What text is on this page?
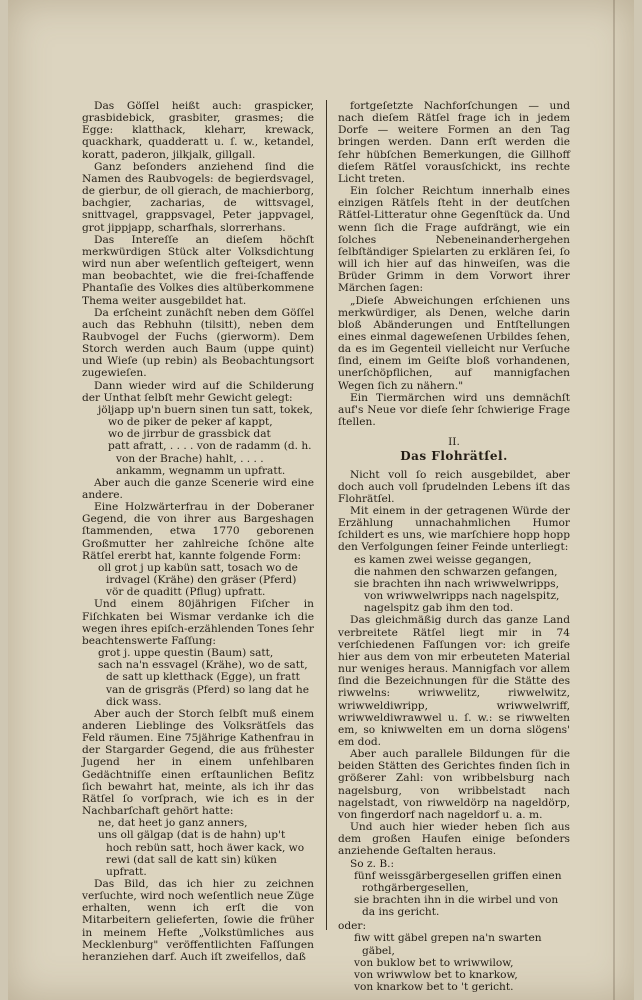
Das Göſſel heißt auch: graspicker, grasbidebick, grasbiter, grasmes; die Egge: klatthack, kleharr, krewack, quackhark, quadderatt u. ſ. w., ketandel, koratt, paderon, jilkjalk, gillgall.

Ganz beſonders anziehend ſind die Namen des Raubvogels: de begierdsvagel, de gierbur, de oll gierach, de machierborg, bachgier, zacharias, de wittsvagel, snittvagel, grappsvagel, Peter jappvagel, grot jippjapp, scharfhals, slorrerhans.

Das Intereſſe an dieſem höchſt merkwürdigen Stück alter Volksdichtung wird nun aber weſentlich geſteigert, wenn man beobachtet, wie die frei-ſchaffende Phantaſie des Volkes dies altüberkommene Thema weiter ausgebildet hat.

Da erſcheint zunächſt neben dem Göſſel auch das Rebhuhn (tilsitt), neben dem Raubvogel der Fuchs (gierworm). Dem Storch werden auch Baum (uppe quint) und Wieſe (up rebin) als Beobachtungsort zugewieſen.

Dann wieder wird auf die Schilderung der Unthat ſelbſt mehr Gewicht gelegt:

jöljapp up'n buern sinen tun satt, tokek,

wo de piker de peker af kappt,

wo de jirrbur de grassbick dat

patt afratt, . . . . von de radamm (d. h. von der Brache) hahlt, . . . . ankamm, wegnamm un upfratt.

Aber auch die ganze Scenerie wird eine andere.

Eine Holzwärterfrau in der Doberaner Gegend, die von ihrer aus Bargeshagen ſtammenden, etwa 1770 geborenen Großmutter her zahlreiche ſchöne alte Rätſel ererbt hat, kannte folgende Form:

oll grot j up kabün satt, tosach wo de irdvagel (Krähe) den gräser (Pferd) vör de quaditt (Pflug) upfratt.

Und einem 80jährigen Fiſcher in Fiſchkaten bei Wismar verdanke ich die wegen ihres epiſch-erzählenden Tones ſehr beachtenswerte Faſſung:

grot j. uppe questin (Baum) satt,

sach na'n essvagel (Krähe), wo de satt, de satt up kletthack (Egge), un fratt van de grisgräs (Pferd) so lang dat he dick wass.

Aber auch der Storch ſelbſt muß einem anderen Lieblinge des Volksrätſels das Feld räumen. Eine 75jährige Kathenfrau in der Stargarder Gegend, die aus frühester Jugend her in einem unfehlbaren Gedächtniſſe einen erſtaunlichen Beſitz ſich bewahrt hat, meinte, als ich ihr das Rätſel ſo vorſprach, wie ich es in der Nachbarſchaft gehört hatte:

ne, dat heet jo ganz anners,

uns oll gälgap (dat is de hahn) up't hoch rebün satt, hoch äwer kack, wo rewi (dat sall de katt sin) küken upfratt.

Das Bild, das ich hier zu zeichnen verſuchte, wird noch weſentlich neue Züge erhalten, wenn ich erſt die von Mitarbeitern gelieferten, ſowie die früher in meinem Hefte „Volkstümliches aus Mecklenburg" veröffentlichten Faſſungen heranziehen darf. Auch iſt zweifellos, daß

fortgeſetzte Nachforſchungen — und nach dieſem Rätſel frage ich in jedem Dorfe — weitere Formen an den Tag bringen werden. Dann erſt werden die ſehr hübſchen Bemerkungen, die Gillhoff dieſem Rätſel vorausſchickt, ins rechte Licht treten.

Ein ſolcher Reichtum innerhalb eines einzigen Rätſels ſteht in der deutſchen Rätſel-Litteratur ohne Gegenſtück da. Und wenn ſich die Frage aufdrängt, wie ein ſolches Nebeneinanderhergehen ſelbſtändiger Spielarten zu erklären ſei, ſo will ich hier auf das hinweiſen, was die Brüder Grimm in dem Vorwort ihrer Märchen ſagen:

„Dieſe Abweichungen erſchienen uns merkwürdiger, als Denen, welche darin bloß Abänderungen und Entſtellungen eines einmal dageweſenen Urbildes ſehen, da es im Gegenteil vielleicht nur Verſuche ſind, einem im Geiſte bloß vorhandenen, unerſchöpflichen, auf mannigfachen Wegen ſich zu nähern."

Ein Tiermärchen wird uns demnächſt auf's Neue vor dieſe ſehr ſchwierige Frage ſtellen.

II.

Das Flohrätſel.

Nicht voll ſo reich ausgebildet, aber doch auch voll ſprudelnden Lebens iſt das Flohrätſel.

Mit einem in der getragenen Würde der Erzählung unnachahmlichen Humor ſchildert es uns, wie marſchiere hopp hopp den Verfolgungen ſeiner Feinde unterliegt:

es kamen zwei weisse gegangen,

die nahmen den schwarzen gefangen,

sie brachten ihn nach wriwwelwripps,

von wriwwelwripps nach nagelspitz,

nagelspitz gab ihm den tod.

Das gleichmäßig durch das ganze Land verbreitete Rätſel liegt mir in 74 verſchiedenen Faſſungen vor: ich greife hier aus dem von mir erbeuteten Material nur weniges heraus. Mannigfach vor allem ſind die Bezeichnungen für die Stätte des riwwelns: wriwwelitz, riwwelwitz, wriwweldiwripp, wriwwelwriff, wriwweldiwrawwel u. ſ. w.: se riwwelten em, so kniwwelten em un dorna slögens' em dod.

Aber auch parallele Bildungen für die beiden Stätten des Gerichtes finden ſich in größerer Zahl: von wribbelsburg nach nagelsburg, von wribbelstadt nach nagelstadt, von riwweldörp na nageldörp, von fingerdorf nach nageldorf u. a. m.

Und auch hier wieder heben ſich aus dem großen Haufen einige beſonders anziehende Geſtalten heraus.

So z. B.:

fünf weissgärbergesellen griffen einen rothgärbergesellen,

sie brachten ihn in die wirbel und von da ins gericht.

oder:

fiw witt gäbel grepen na'n swarten gäbel,

von buklow bet to wriwwilow,

von wriwwlow bet to knarkow,

von knarkow bet to 't gericht.
